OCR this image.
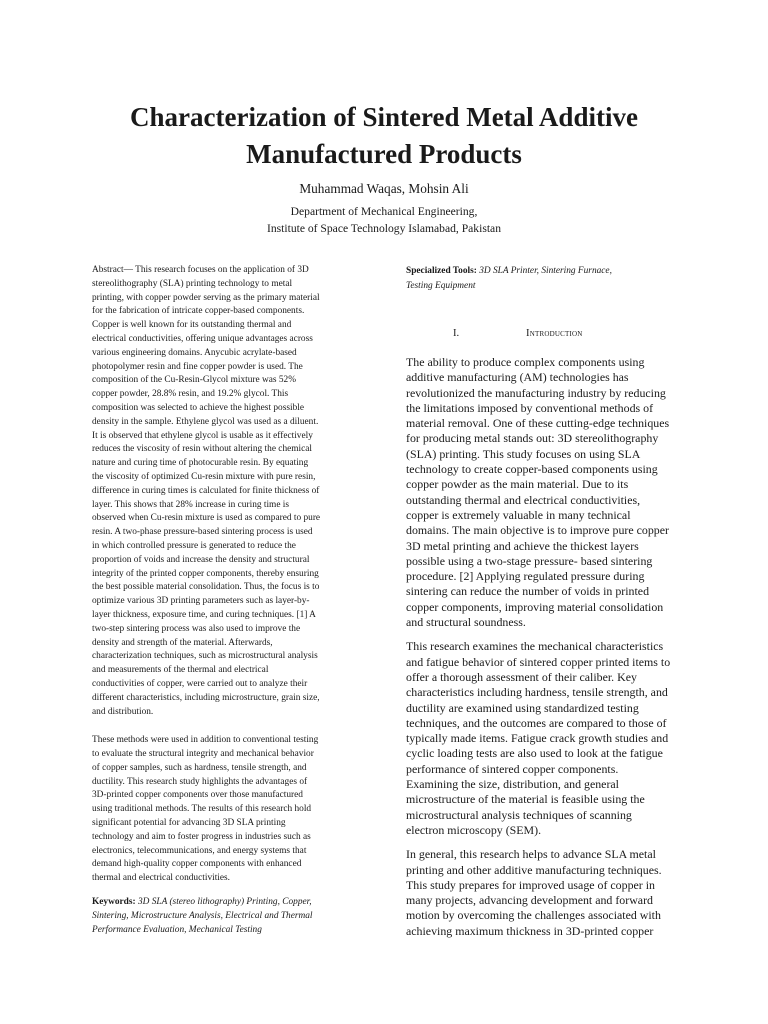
Characterization of Sintered Metal Additive
Manufactured Products
Muhammad Waqas, Mohsin Ali
Department of Mechanical Engineering,
Institute of Space Technology Islamabad, Pakistan

Abstract— This research focuses on the application of 3D
stereolithography (SLA) printing technology to metal
printing, with copper powder serving as the primary material
for the fabrication of intricate copper-based components.
Copper is well known for its outstanding thermal and
electrical conductivities, offering unique advantages across
various engineering domains. Anycubic acrylate-based
photopolymer resin and fine copper powder is used. The
composition of the Cu-Resin-Glycol mixture was 52%
copper powder, 28.8% resin, and 19.2% glycol. This
composition was selected to achieve the highest possible
density in the sample. Ethylene glycol was used as a diluent.
It is observed that ethylene glycol is usable as it effectively
reduces the viscosity of resin without altering the chemical
nature and curing time of photocurable resin. By equating
the viscosity of optimized Cu-resin mixture with pure resin,
difference in curing times is calculated for finite thickness of
layer. This shows that 28% increase in curing time is
observed when Cu-resin mixture is used as compared to pure
resin. A two-phase pressure-based sintering process is used
in which controlled pressure is generated to reduce the
proportion of voids and increase the density and structural
integrity of the printed copper components, thereby ensuring
the best possible material consolidation. Thus, the focus is to
optimize various 3D printing parameters such as layer-by-
layer thickness, exposure time, and curing techniques. [1] A
two-step sintering process was also used to improve the
density and strength of the material. Afterwards,
characterization techniques, such as microstructural analysis
and measurements of the thermal and electrical
conductivities of copper, were carried out to analyze their
different characteristics, including microstructure, grain size,
and distribution.

These methods were used in addition to conventional testing
to evaluate the structural integrity and mechanical behavior
of copper samples, such as hardness, tensile strength, and
ductility. This research study highlights the advantages of
3D-printed copper components over those manufactured
using traditional methods. The results of this research hold
significant potential for advancing 3D SLA printing
technology and aim to foster progress in industries such as
electronics, telecommunications, and energy systems that
demand high-quality copper components with enhanced
thermal and electrical conductivities.

Keywords: 3D SLA (stereo lithography) Printing, Copper,
Sintering, Microstructure Analysis, Electrical and Thermal
Performance Evaluation, Mechanical Testing
Specialized Tools: 3D SLA Printer, Sintering Furnace,
Testing Equipment
I.	Introduction

The ability to produce complex components using
additive manufacturing (AM) technologies has
revolutionized the manufacturing industry by reducing
the limitations imposed by conventional methods of
material removal. One of these cutting-edge techniques
for producing metal stands out: 3D stereolithography
(SLA) printing. This study focuses on using SLA
technology to create copper-based components using
copper powder as the main material. Due to its
outstanding thermal and electrical conductivities,
copper is extremely valuable in many technical
domains. The main objective is to improve pure copper
3D metal printing and achieve the thickest layers
possible using a two-stage pressure- based sintering
procedure. [2] Applying regulated pressure during
sintering can reduce the number of voids in printed
copper components, improving material consolidation
and structural soundness.

This research examines the mechanical characteristics
and fatigue behavior of sintered copper printed items to
offer a thorough assessment of their caliber. Key
characteristics including hardness, tensile strength, and
ductility are examined using standardized testing
techniques, and the outcomes are compared to those of
typically made items. Fatigue crack growth studies and
cyclic loading tests are also used to look at the fatigue
performance of sintered copper components.
Examining the size, distribution, and general
microstructure of the material is feasible using the
microstructural analysis techniques of scanning
electron microscopy (SEM).

In general, this research helps to advance SLA metal
printing and other additive manufacturing techniques.
This study prepares for improved usage of copper in
many projects, advancing development and forward
motion by overcoming the challenges associated with
achieving maximum thickness in 3D-printed copper
